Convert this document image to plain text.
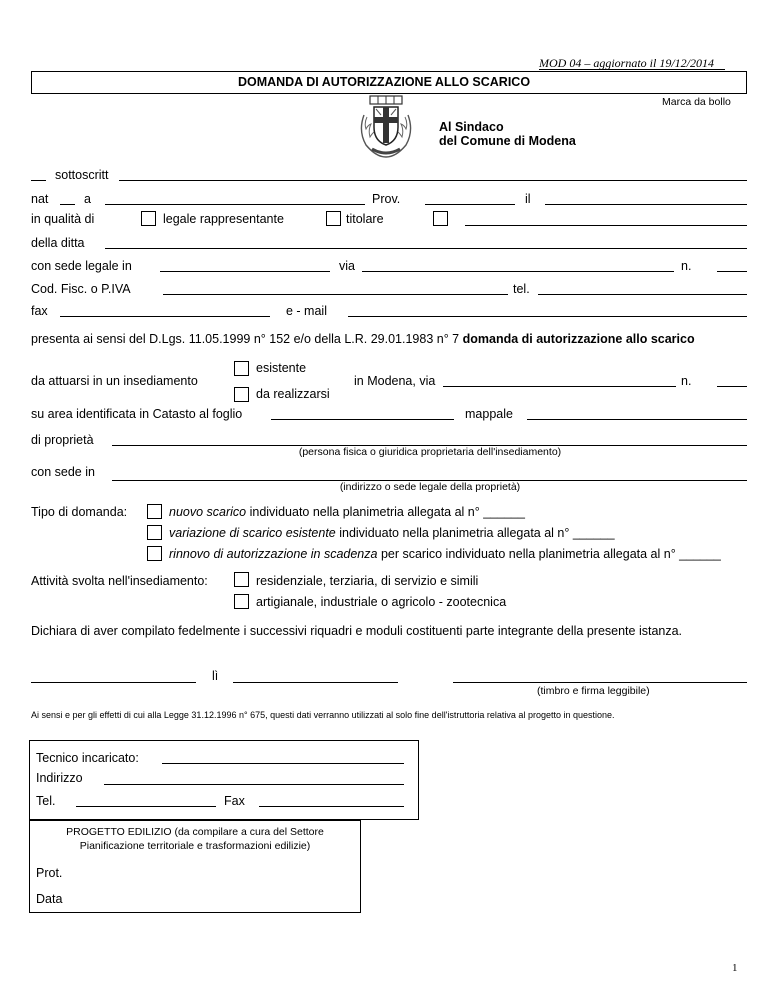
MOD 04 – aggiornato il 19/12/2014
DOMANDA DI AUTORIZZAZIONE ALLO SCARICO
Marca da bollo
Al Sindaco
del Comune di Modena
sottoscritt
nat	a	Prov.	il
in qualità di	legale rappresentante	titolare
della ditta
con sede legale in	via	n.
Cod. Fisc. o P.IVA	tel.
fax	e - mail
presenta ai sensi del D.Lgs. 11.05.1999 n° 152 e/o della L.R. 29.01.1983 n° 7 domanda di autorizzazione allo scarico
esistente
da attuarsi in un insediamento	in Modena, via	n.
da realizzarsi
su area identificata in Catasto al foglio	mappale
di proprietà
(persona fisica o giuridica proprietaria dell'insediamento)
con sede in
(indirizzo o sede legale della proprietà)
Tipo di domanda:	nuovo scarico individuato nella planimetria allegata al n° ______
variazione di scarico esistente individuato nella planimetria allegata al n° ______
rinnovo di autorizzazione in scadenza per scarico individuato nella planimetria allegata al n° ______
Attività svolta nell'insediamento:	residenziale, terziaria, di servizio e simili
artigianale, industriale o agricolo - zootecnica
Dichiara di aver compilato fedelmente i successivi riquadri e moduli costituenti parte integrante della presente istanza.
lì
(timbro e firma leggibile)
Ai sensi e per gli effetti di cui alla Legge 31.12.1996 n° 675, questi dati verranno utilizzati al solo fine dell'istruttoria relativa al progetto in questione.
Tecnico incaricato:
Indirizzo
Tel.	Fax
PROGETTO EDILIZIO (da compilare a cura del Settore
Pianificazione territoriale e trasformazioni edilizie)
Prot.
Data
1
